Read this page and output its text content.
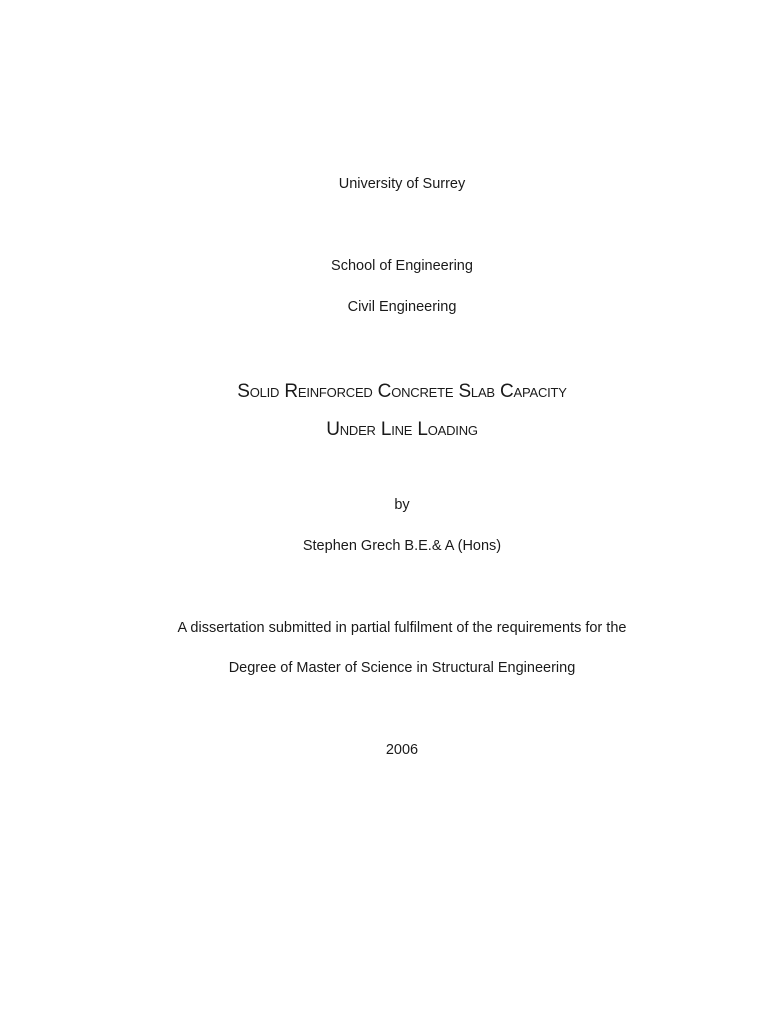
University of Surrey
School of Engineering
Civil Engineering
Solid Reinforced Concrete Slab Capacity
Under Line Loading
by
Stephen Grech B.E.& A (Hons)
A dissertation submitted in partial fulfilment of the requirements for the
Degree of Master of Science in Structural Engineering
2006
